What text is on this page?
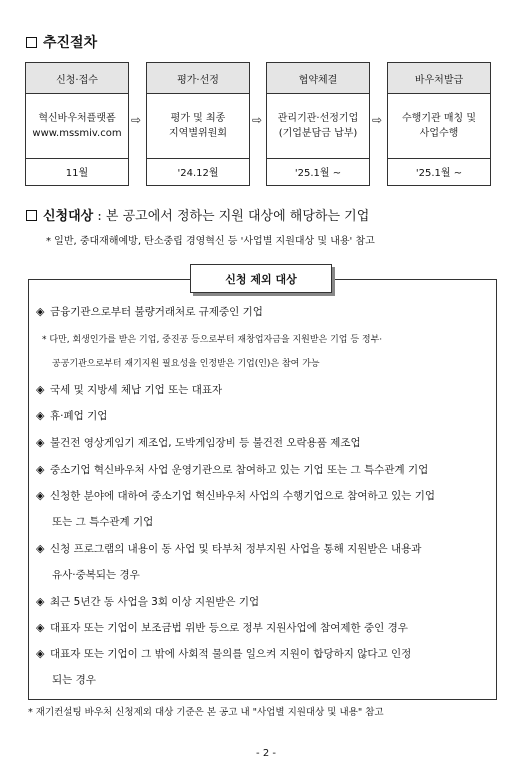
추진절차
신청·접수
혁신바우처플랫폼
www.mssmiv.com
11월
⇨
평가·선정
평가 및 최종
지역별위원회
'24.12월
⇨
협약체결
관리기관·선정기업
(기업분담금 납부)
'25.1월 ~
⇨
바우처발급
수행기관 매칭 및
사업수행
'25.1월 ~
신청대상 : 본 공고에서 정하는 지원 대상에 해당하는 기업
* 일반, 중대재해예방, 탄소중립 경영혁신 등 '사업별 지원대상 및 내용' 참고
신청 제외 대상
◈ 금융기관으로부터 불량거래처로 규제중인 기업
* 다만, 회생인가를 받은 기업, 중진공 등으로부터 재창업자금을 지원받은 기업 등 정부·
공공기관으로부터 재기지원 필요성을 인정받은 기업(인)은 참여 가능
◈ 국세 및 지방세 체납 기업 또는 대표자
◈ 휴·폐업 기업
◈ 불건전 영상게임기 제조업, 도박게임장비 등 불건전 오락용품 제조업
◈ 중소기업 혁신바우처 사업 운영기관으로 참여하고 있는 기업 또는 그 특수관계 기업
◈ 신청한 분야에 대하여 중소기업 혁신바우처 사업의 수행기업으로 참여하고 있는 기업
또는 그 특수관계 기업
◈ 신청 프로그램의 내용이 동 사업 및 타부처 정부지원 사업을 통해 지원받은 내용과
유사·중복되는 경우
◈ 최근 5년간 동 사업을 3회 이상 지원받은 기업
◈ 대표자 또는 기업이 보조금법 위반 등으로 정부 지원사업에 참여제한 중인 경우
◈ 대표자 또는 기업이 그 밖에 사회적 물의를 일으켜 지원이 합당하지 않다고 인정
되는 경우
* 재기컨설팅 바우처 신청제외 대상 기준은 본 공고 내 "사업별 지원대상 및 내용" 참고
- 2 -
